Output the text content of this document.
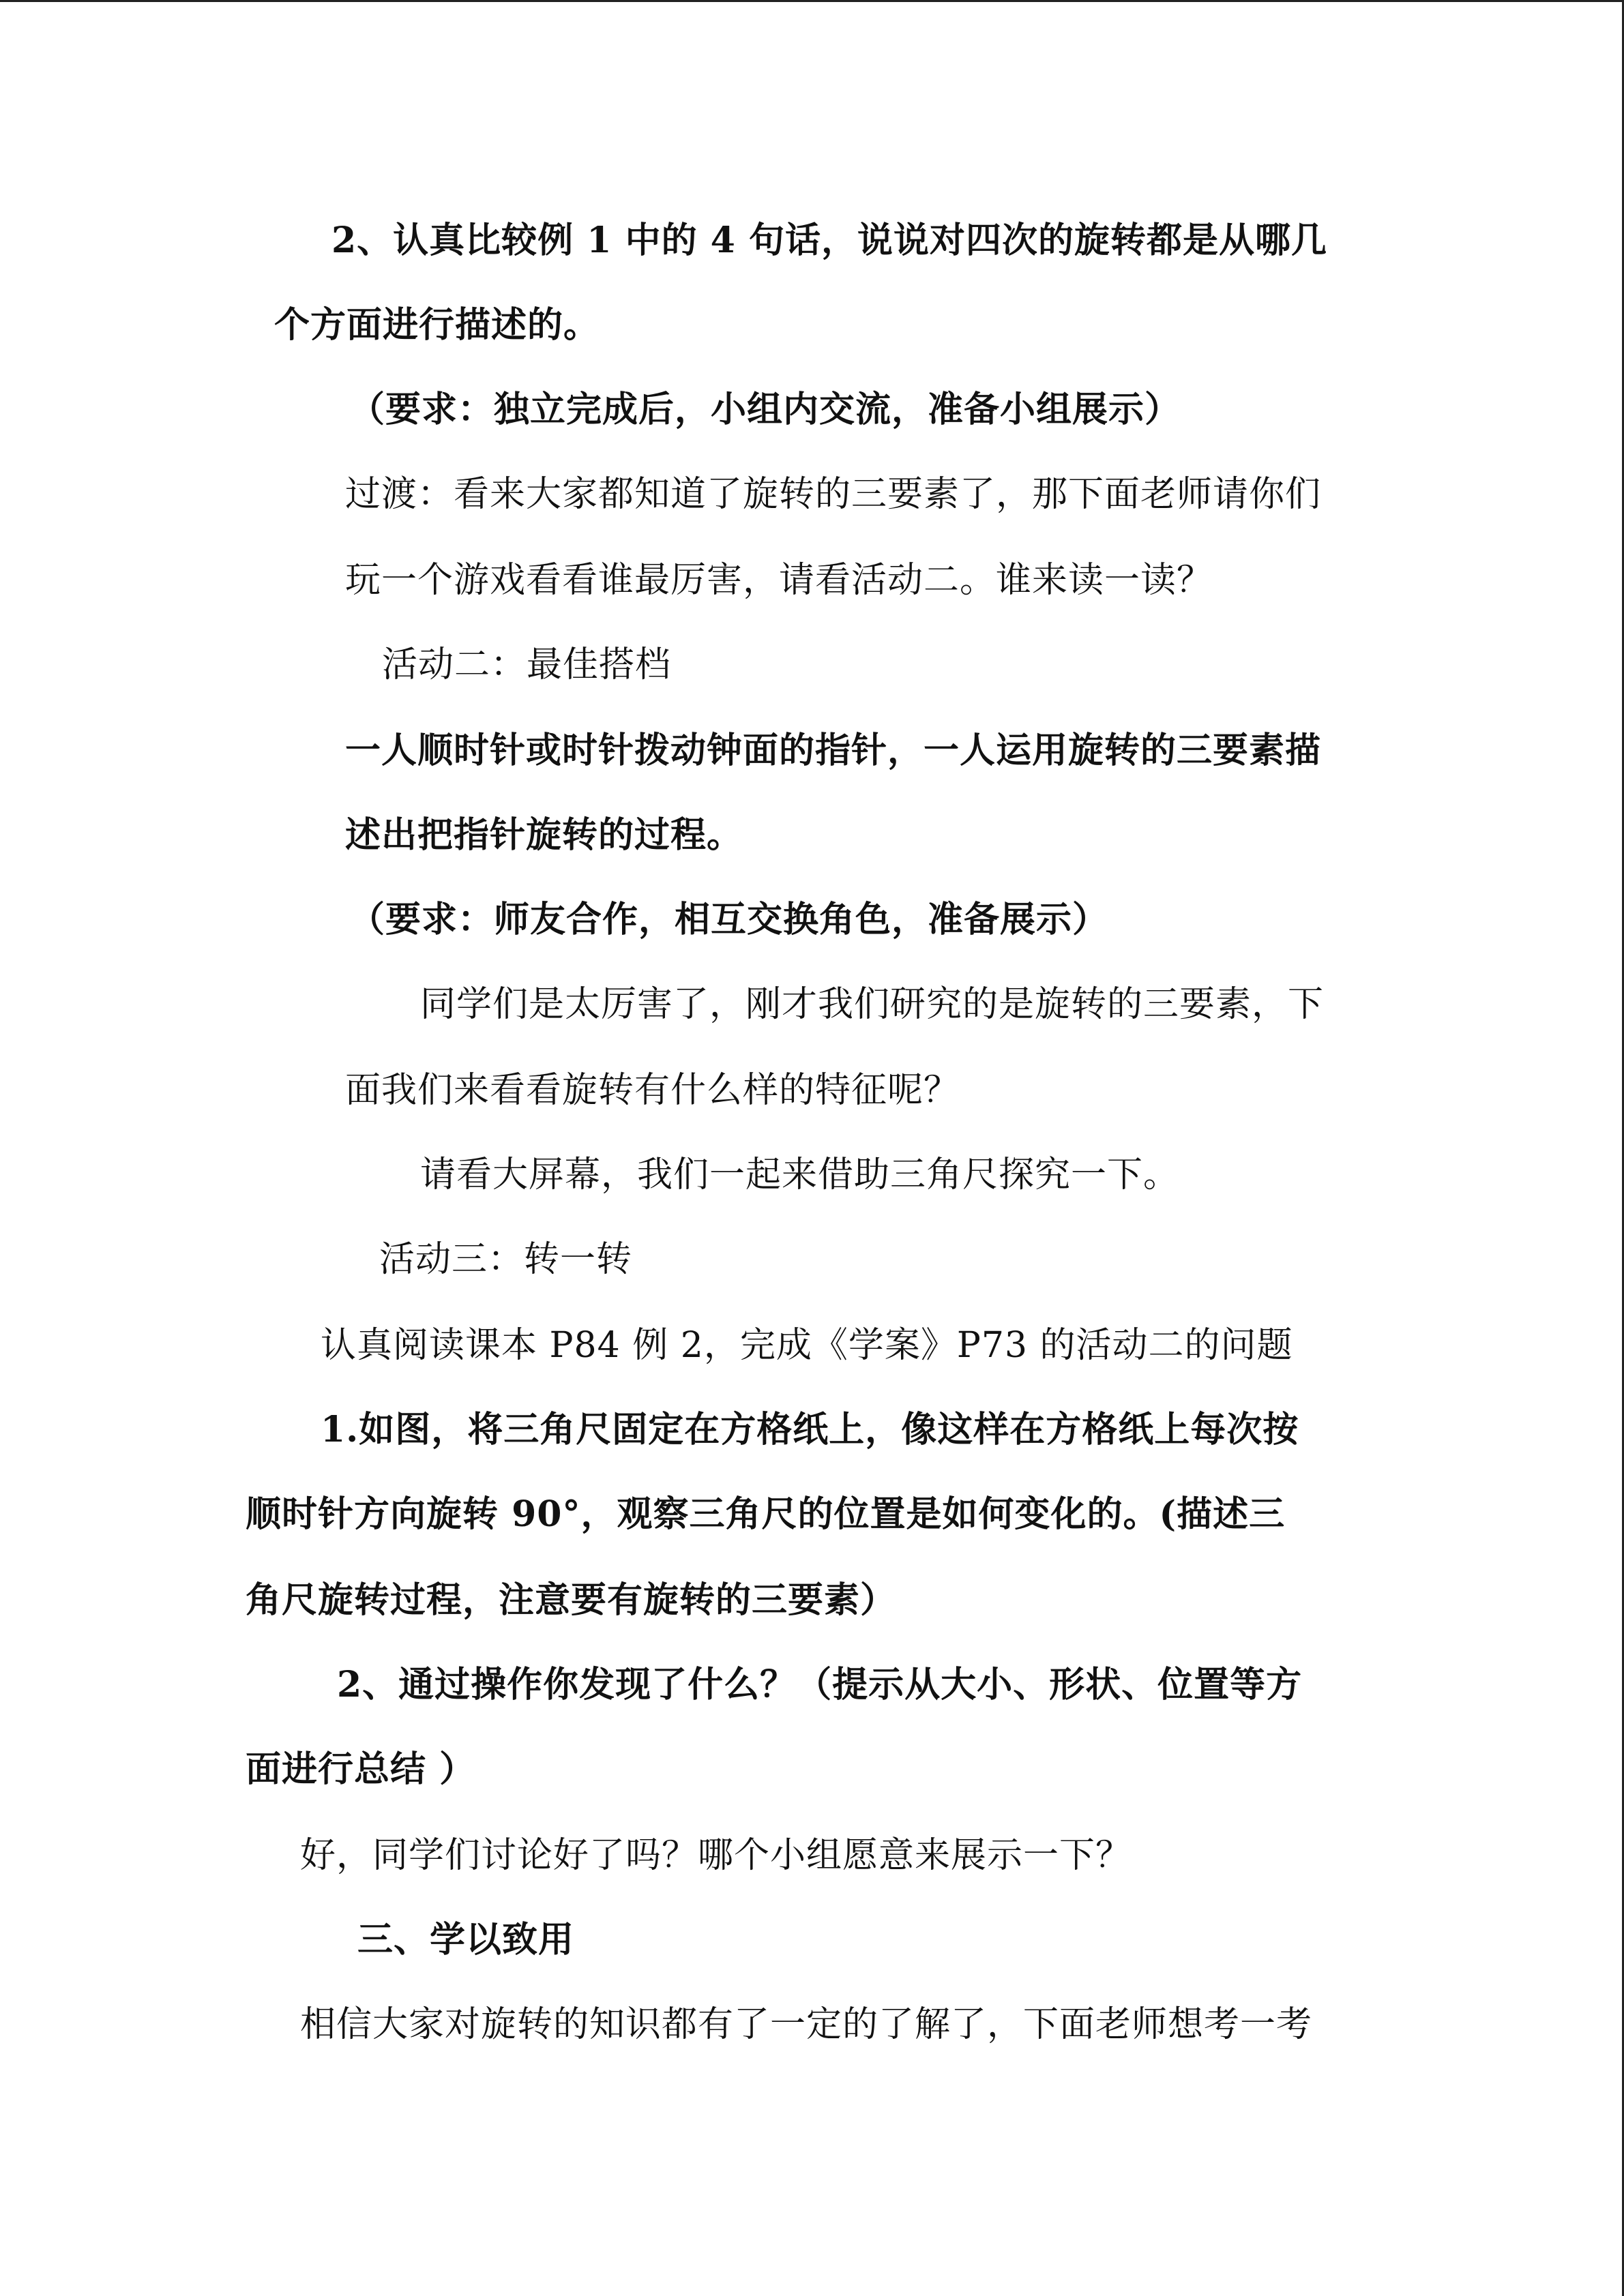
2、认真比较例 1 中的 4 句话，说说对四次的旋转都是从哪几
个方面进行描述的。
（要求：独立完成后，小组内交流，准备小组展示）
过渡：看来大家都知道了旋转的三要素了，那下面老师请你们
玩一个游戏看看谁最厉害，请看活动二。谁来读一读？
活动二：最佳搭档
一人顺时针或时针拨动钟面的指针，一人运用旋转的三要素描
述出把指针旋转的过程。
（要求：师友合作，相互交换角色，准备展示）
同学们是太厉害了，刚才我们研究的是旋转的三要素，下
面我们来看看旋转有什么样的特征呢？
请看大屏幕，我们一起来借助三角尺探究一下。
活动三：转一转
认真阅读课本 P84 例 2，完成《学案》P73 的活动二的问题
1.如图，将三角尺固定在方格纸上，像这样在方格纸上每次按
顺时针方向旋转 90°，观察三角尺的位置是如何变化的。(描述三
角尺旋转过程，注意要有旋转的三要素）
2、通过操作你发现了什么？（提示从大小、形状、位置等方
面进行总结 ）
好，同学们讨论好了吗？哪个小组愿意来展示一下？
三、学以致用
相信大家对旋转的知识都有了一定的了解了，下面老师想考一考
